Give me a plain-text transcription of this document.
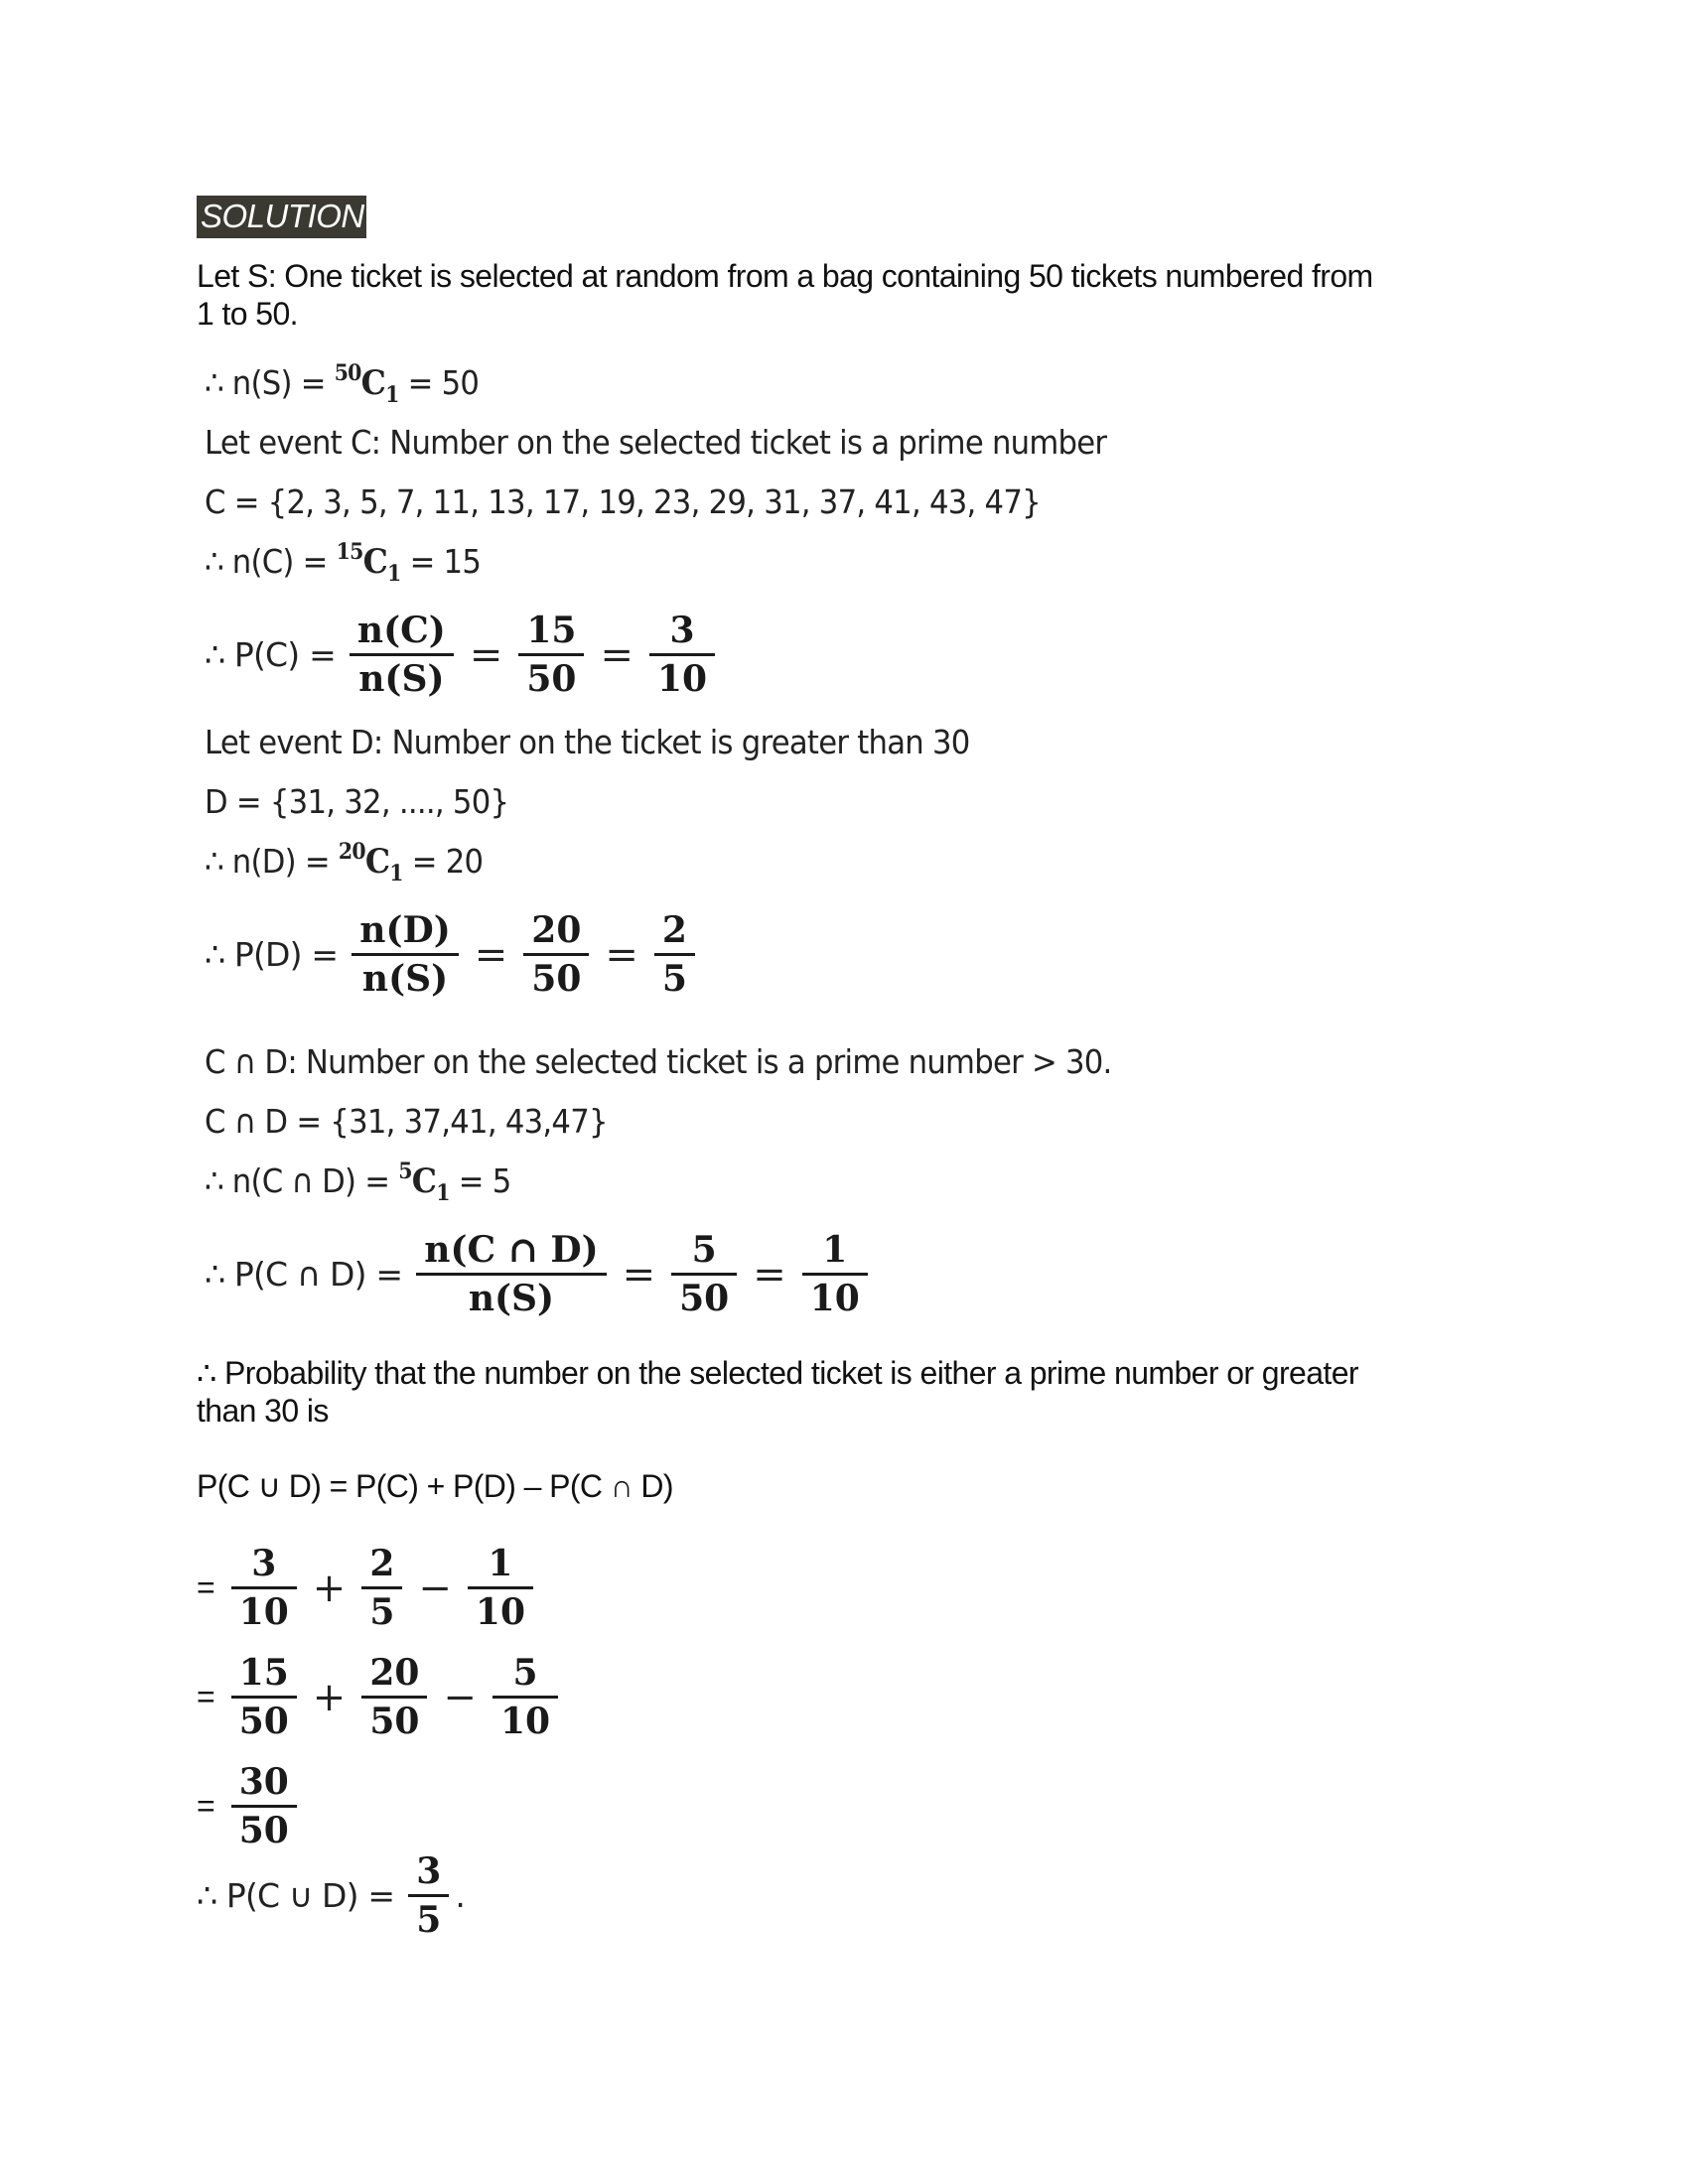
SOLUTION
Let S: One ticket is selected at random from a bag containing 50 tickets numbered from
1 to 50.
∴ $n(S) = ^{50}C_1 = 50$
Let event C: Number on the selected ticket is a prime number
C = {2, 3, 5, 7, 11, 13, 17, 19, 23, 29, 31, 37, 41, 43, 47}
∴ $n(C) = ^{15}C_1 = 15$
∴ $P(C) = \frac{n(C)}{n(S)} = \frac{15}{50} = \frac{3}{10}$
Let event D: Number on the ticket is greater than 30
D = {31, 32, ...., 50}
∴ $n(D) = ^{20}C_1 = 20$
∴ $P(D) = \frac{n(D)}{n(S)} = \frac{20}{50} = \frac{2}{5}$
C ∩ D: Number on the selected ticket is a prime number > 30.
C ∩ D = {31, 37,41, 43,47}
∴ n(C ∩ $D) = ^5C_1 = 5$
∴ P(C ∩ $D) = \frac{n(C \cap D)}{n(S)} = \frac{5}{50} = \frac{1}{10}$
∴ Probability that the number on the selected ticket is either a prime number or greater
than 30 is
P(C ∪ D) = P(C) + P(D) – P(C ∩ D)
= $\frac{3}{10} + \frac{2}{5} - \frac{1}{10}$
= $\frac{15}{50} + \frac{20}{50} - \frac{5}{10}$
= $\frac{30}{50}$
∴ P(C ∪ $D) = \frac{3}{5}$ .
